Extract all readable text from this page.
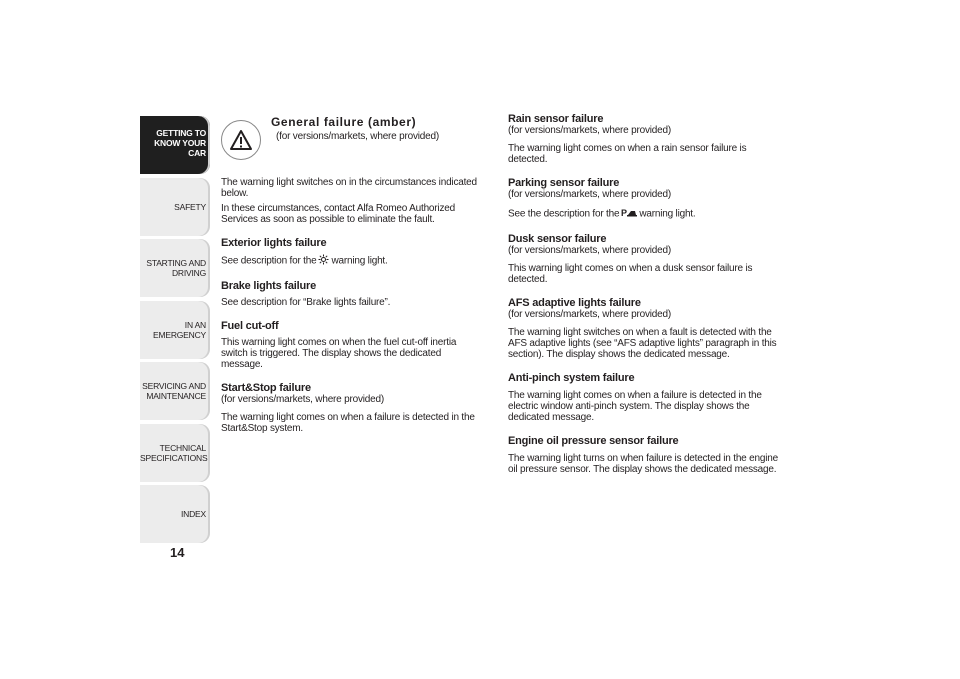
GETTING TO
KNOW YOUR CAR
SAFETY
STARTING AND
DRIVING
IN AN EMERGENCY
SERVICING AND
MAINTENANCE
TECHNICAL
SPECIFICATIONS
INDEX
14
General failure (amber)
(for versions/markets, where provided)

The warning light switches on in the circumstances indicated below.

In these circumstances, contact Alfa Romeo Authorized Services as soon as possible to eliminate the fault.

Exterior lights failure

See description for the warning light.

Brake lights failure

See description for “Brake lights failure”.

Fuel cut-off

This warning light comes on when the fuel cut-off inertia switch is triggered. The display shows the dedicated message.

Start&Stop failure

(for versions/markets, where provided)

The warning light comes on when a failure is detected in the Start&Stop system.

Rain sensor failure

(for versions/markets, where provided)

The warning light comes on when a rain sensor failure is detected.

Parking sensor failure

(for versions/markets, where provided)

See the description for the P warning light.

Dusk sensor failure

(for versions/markets, where provided)

This warning light comes on when a dusk sensor failure is detected.

AFS adaptive lights failure

(for versions/markets, where provided)

The warning light switches on when a fault is detected with the AFS adaptive lights (see “AFS adaptive lights” paragraph in this section). The display shows the dedicated message.

Anti-pinch system failure

The warning light comes on when a failure is detected in the electric window anti-pinch system. The display shows the dedicated message.

Engine oil pressure sensor failure

The warning light turns on when failure is detected in the engine oil pressure sensor. The display shows the dedicated message.
